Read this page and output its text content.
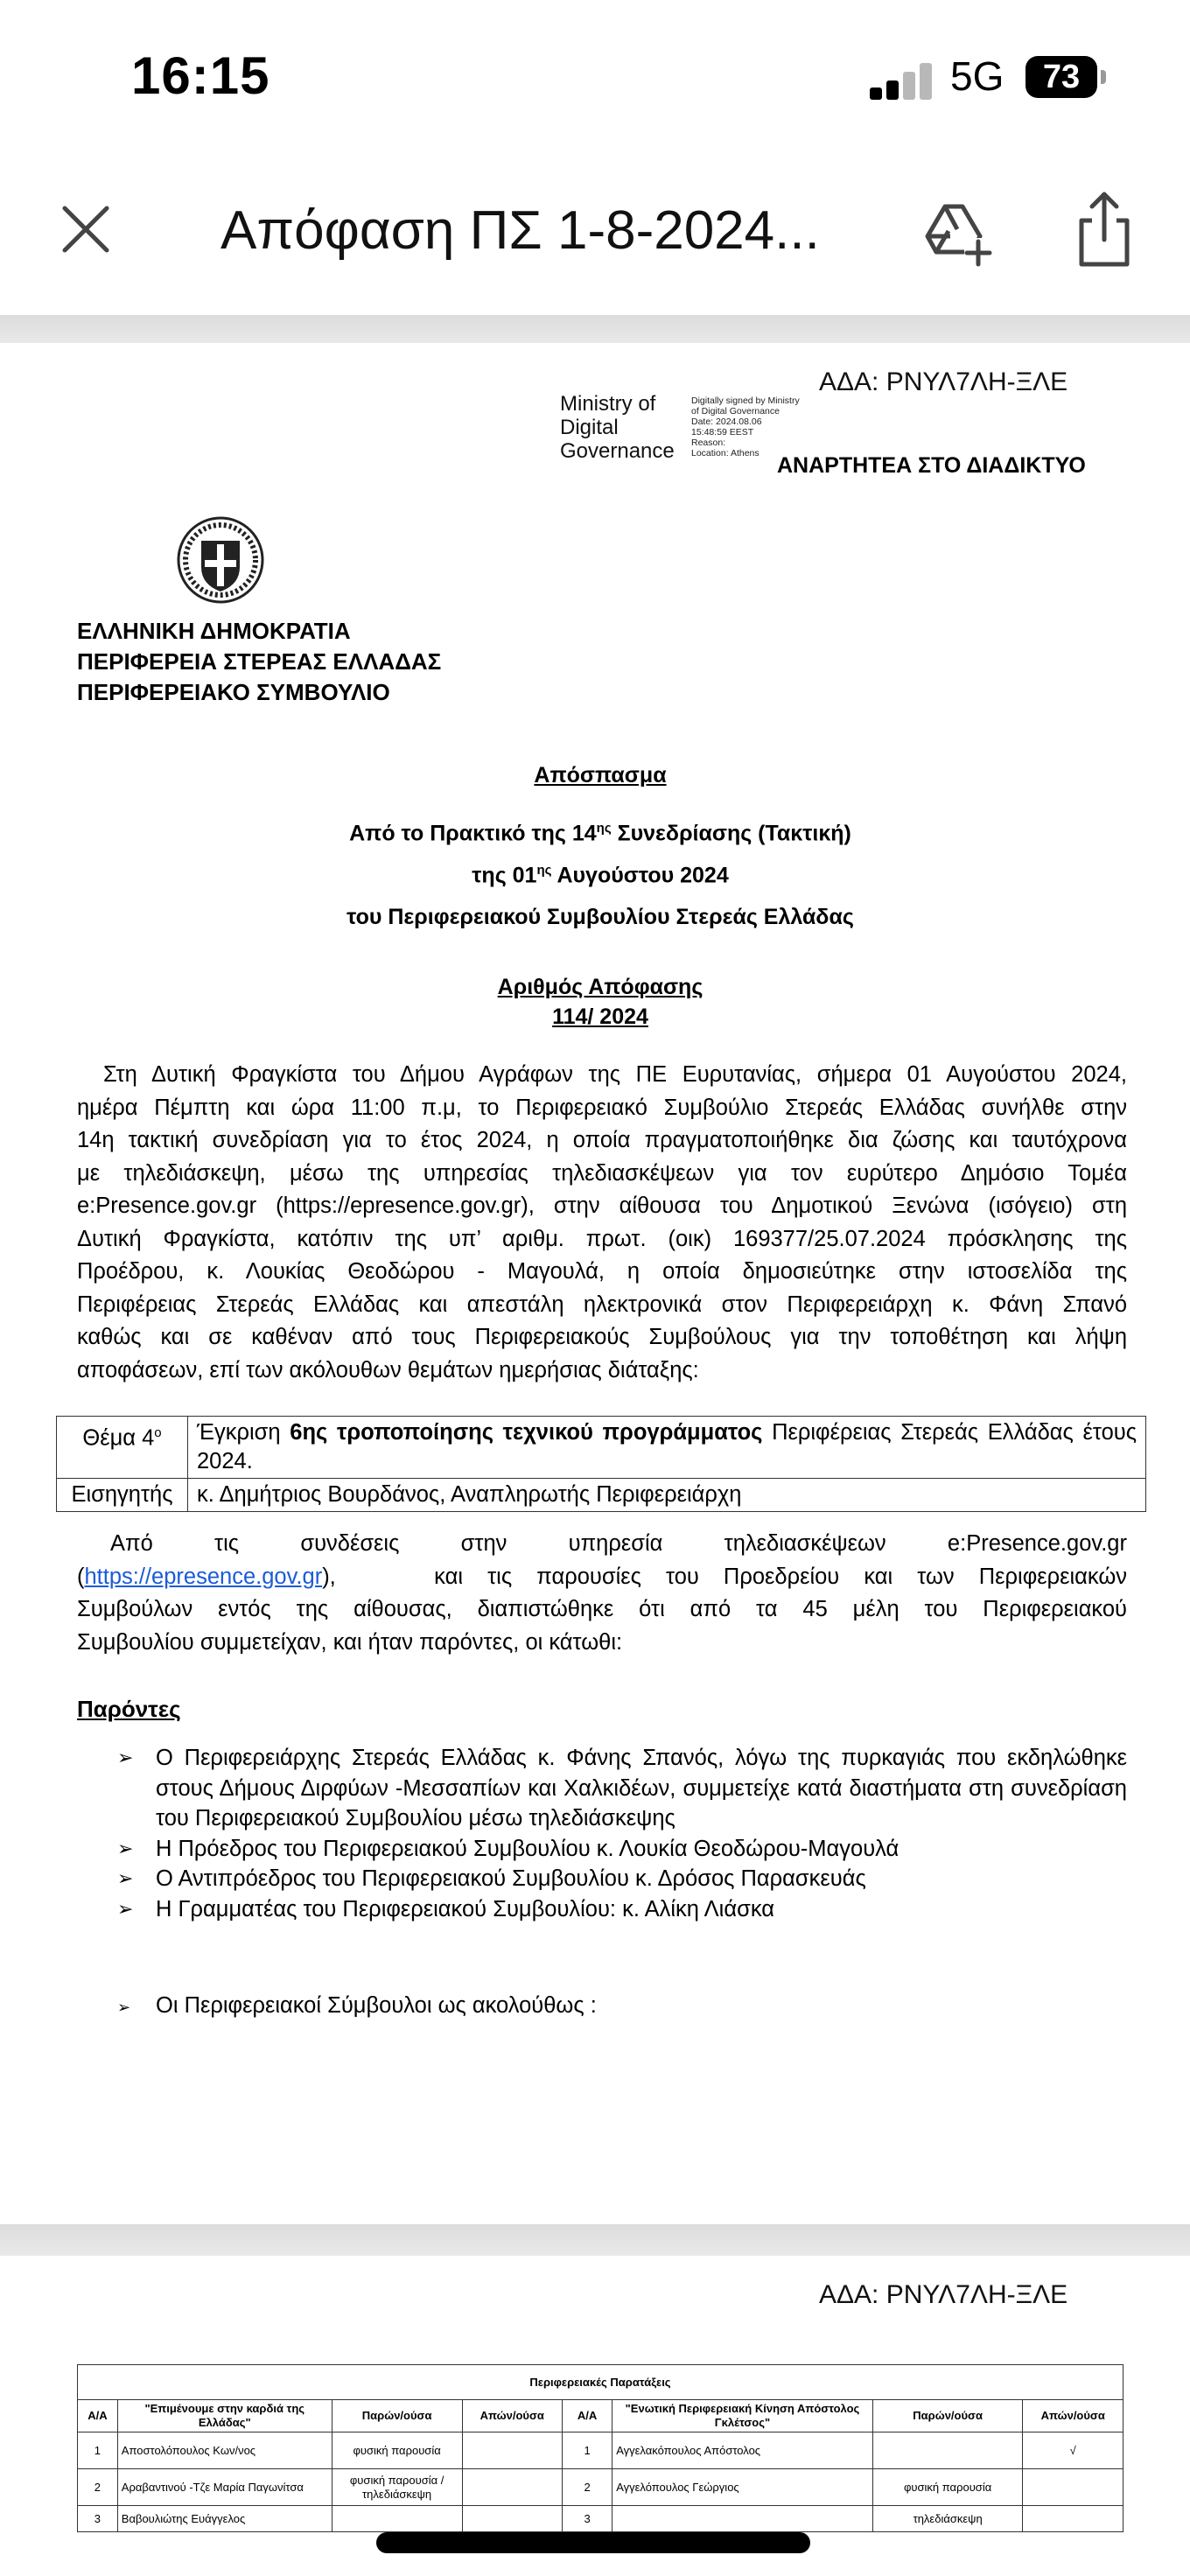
16:15	5G	73
Απόφαση ΠΣ 1-8-2024...
ΑΔΑ: ΡΝΥΛ7ΛΗ-ΞΛΕ
Ministry of
Digital
Governance
Digitally signed by Ministry
of Digital Governance
Date: 2024.08.06
15:48:59 EEST
Reason:
Location: Athens ΑΝΑΡΤΗΤΕΑ ΣΤΟ ΔΙΑΔΙΚΤΥΟ
ΕΛΛΗΝΙΚΗ ΔΗΜΟΚΡΑΤΙΑ
ΠΕΡΙΦΕΡΕΙΑ ΣΤΕΡΕΑΣ ΕΛΛΑΔΑΣ
ΠΕΡΙΦΕΡΕΙΑΚΟ ΣΥΜΒΟΥΛΙΟ
Απόσπασμα
Από το Πρακτικό της $14^{\eta\varsigma}$ Συνεδρίασης (Τακτική)
της $01^{\eta\varsigma}$ Αυγούστου 2024
του Περιφερειακού Συμβουλίου Στερεάς Ελλάδας
Αριθμός Απόφασης
114/ 2024
Στη Δυτική Φραγκίστα του Δήμου Αγράφων της ΠΕ Ευρυτανίας, σήμερα 01 Αυγούστου 2024,
ημέρα Πέμπτη και ώρα 11:00 π.μ, το Περιφερειακό Συμβούλιο Στερεάς Ελλάδας συνήλθε στην
14η τακτική συνεδρίαση για το έτος 2024, η οποία πραγματοποιήθηκε δια ζώσης και ταυτόχρονα
με τηλεδιάσκεψη, μέσω της υπηρεσίας τηλεδιασκέψεων για τον ευρύτερο Δημόσιο Τομέα
e:Presence.gov.gr (https://epresence.gov.gr), στην αίθουσα του Δημοτικού Ξενώνα (ισόγειο) στη
Δυτική Φραγκίστα, κατόπιν της υπ’ αριθμ. πρωτ. (οικ) 169377/25.07.2024 πρόσκλησης της
Προέδρου, κ. Λουκίας Θεοδώρου - Μαγουλά, η οποία δημοσιεύτηκε στην ιστοσελίδα της
Περιφέρειας Στερεάς Ελλάδας και απεστάλη ηλεκτρονικά στον Περιφερειάρχη κ. Φάνη Σπανό
καθώς και σε καθέναν από τους Περιφερειακούς Συμβούλους για την τοποθέτηση και λήψη
αποφάσεων, επί των ακόλουθων θεμάτων ημερήσιας διάταξης:
Θέμα $4^o$	Έγκριση 6ης τροποποίησης τεχνικού προγράμματος Περιφέρειας Στερεάς Ελλάδας έτους 2024.
Εισηγητής	κ. Δημήτριος Βουρδάνος, Αναπληρωτής Περιφερειάρχη
Από τις συνδέσεις στην υπηρεσία τηλεδιασκέψεων e:Presence.gov.gr
(https://epresence.gov.gr),	και τις παρουσίες του Προεδρείου και των Περιφερειακών
Συμβούλων εντός της αίθουσας, διαπιστώθηκε ότι από τα 45 μέλη του Περιφερειακού
Συμβουλίου συμμετείχαν, και ήταν παρόντες, οι κάτωθι:
Παρόντες
➢ Ο Περιφερειάρχης Στερεάς Ελλάδας κ. Φάνης Σπανός, λόγω της πυρκαγιάς που εκδηλώθηκε στους Δήμους Διρφύων -Μεσσαπίων και Χαλκιδέων, συμμετείχε κατά διαστήματα στη συνεδρίαση του Περιφερειακού Συμβουλίου μέσω τηλεδιάσκεψης
➢ Η Πρόεδρος του Περιφερειακού Συμβουλίου κ. Λουκία Θεοδώρου-Μαγουλά
➢ Ο Αντιπρόεδρος του Περιφερειακού Συμβουλίου κ. Δρόσος Παρασκευάς
➢ Η Γραμματέας του Περιφερειακού Συμβουλίου: κ. Αλίκη Λιάσκα
➢ Οι Περιφερειακοί Σύμβουλοι ως ακολούθως :
ΑΔΑ: ΡΝΥΛ7ΛΗ-ΞΛΕ
Περιφερειακές Παρατάξεις							
Α/Α	"Επιμένουμε στην καρδιά της Ελλάδας"	Παρών/ούσα	Απών/ούσα	Α/Α	"Ενωτική Περιφερειακή Κίνηση Απόστολος Γκλέτσος"	Παρών/ούσα	Απών/ούσα
1	Αποστολόπουλος Κων/νος	φυσική παρουσία		1	Αγγελακόπουλος Απόστολος		√
2	Αραβαντινού -Τζε Μαρία Παγωνίτσα	φυσική παρουσία /τηλεδιάσκεψη		2	Αγγελόπουλος Γεώργιος	φυσική παρουσία	
3	Βαβουλιώτης Ευάγγελος			3		τηλεδιάσκεψη	
